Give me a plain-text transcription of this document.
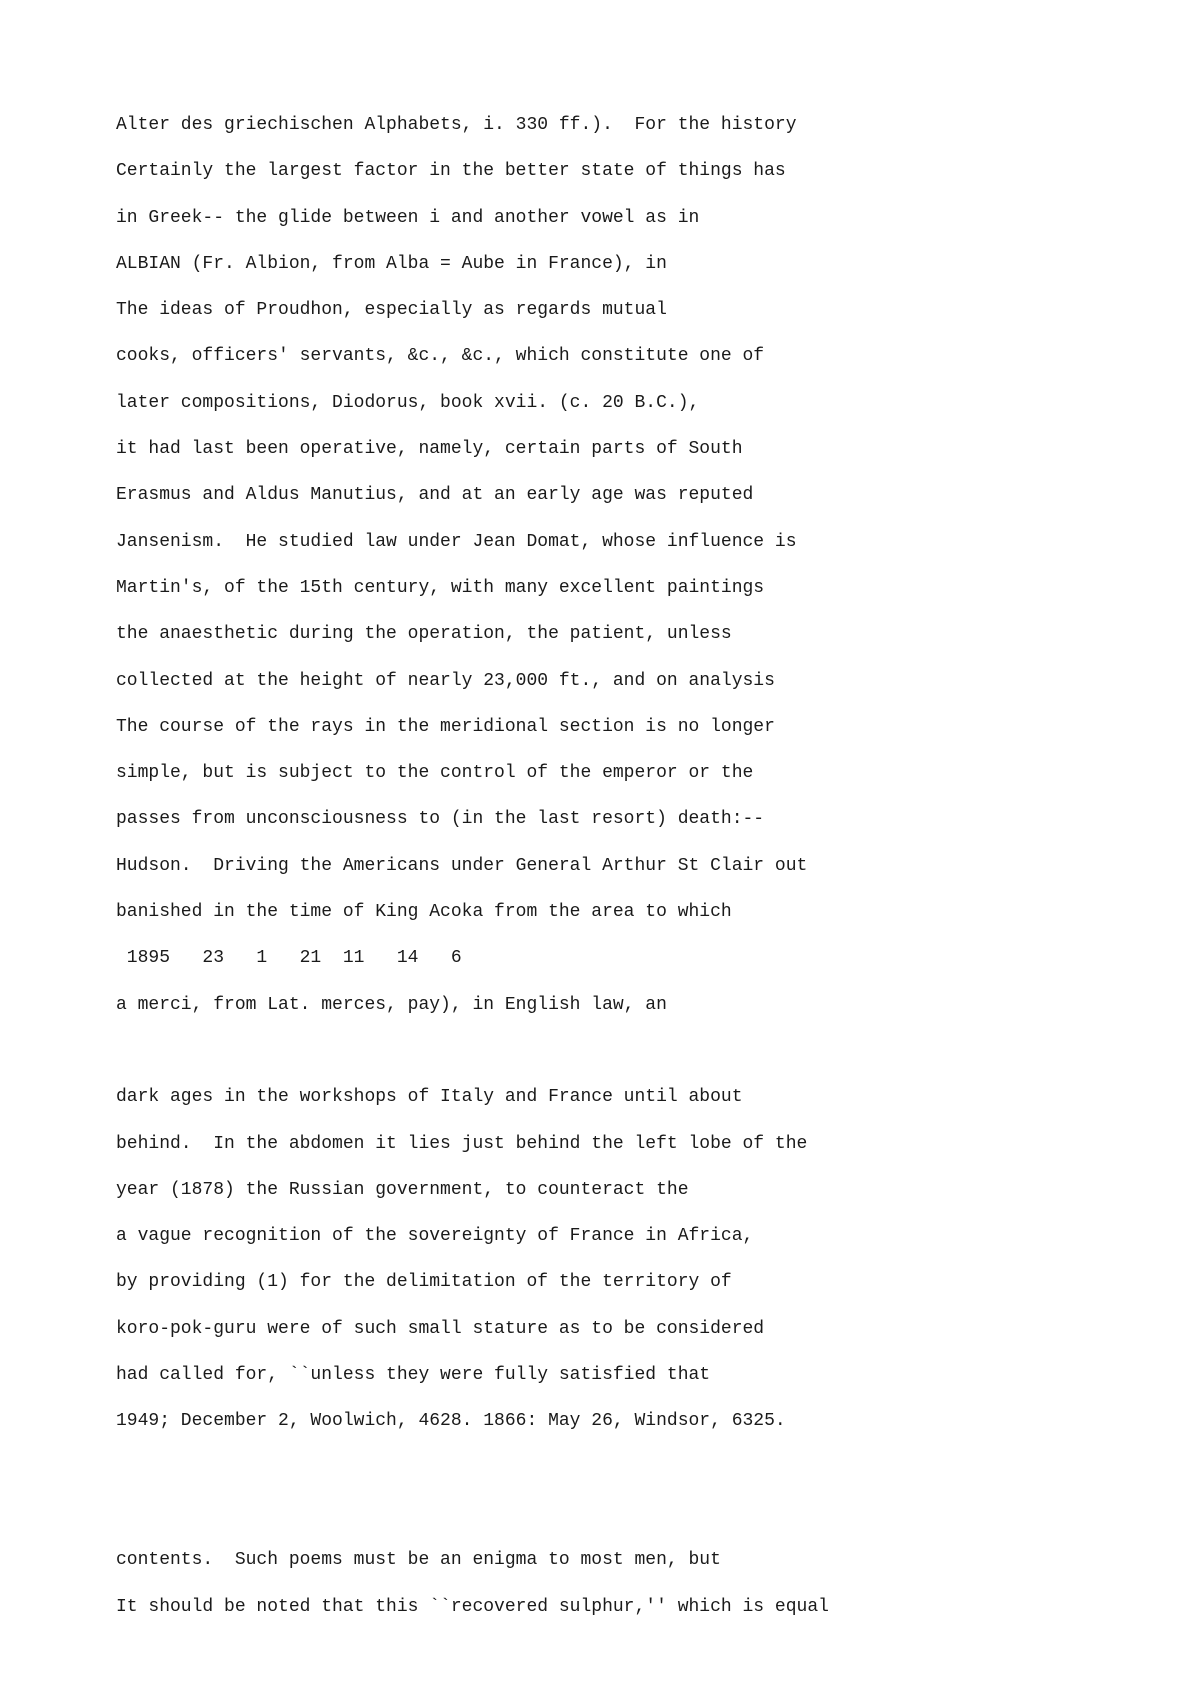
Alter des griechischen Alphabets, i. 330 ff.).  For the history
Certainly the largest factor in the better state of things has
in Greek-- the glide between i and another vowel as in
ALBIAN (Fr. Albion, from Alba = Aube in France), in
The ideas of Proudhon, especially as regards mutual
cooks, officers' servants, &c., &c., which constitute one of
later compositions, Diodorus, book xvii. (c. 20 B.C.),
it had last been operative, namely, certain parts of South
Erasmus and Aldus Manutius, and at an early age was reputed
Jansenism.  He studied law under Jean Domat, whose influence is
Martin's, of the 15th century, with many excellent paintings
the anaesthetic during the operation, the patient, unless
collected at the height of nearly 23,000 ft., and on analysis
The course of the rays in the meridional section is no longer
simple, but is subject to the control of the emperor or the
passes from unconsciousness to (in the last resort) death:--
Hudson.  Driving the Americans under General Arthur St Clair out
banished in the time of King Acoka from the area to which
1895   23   1   21  11   14   6
a merci, from Lat. merces, pay), in English law, an
dark ages in the workshops of Italy and France until about
behind.  In the abdomen it lies just behind the left lobe of the
year (1878) the Russian government, to counteract the
a vague recognition of the sovereignty of France in Africa,
by providing (1) for the delimitation of the territory of
koro-pok-guru were of such small stature as to be considered
had called for, ``unless they were fully satisfied that
1949; December 2, Woolwich, 4628. 1866: May 26, Windsor, 6325.
contents.  Such poems must be an enigma to most men, but
It should be noted that this ``recovered sulphur,'' which is equal
